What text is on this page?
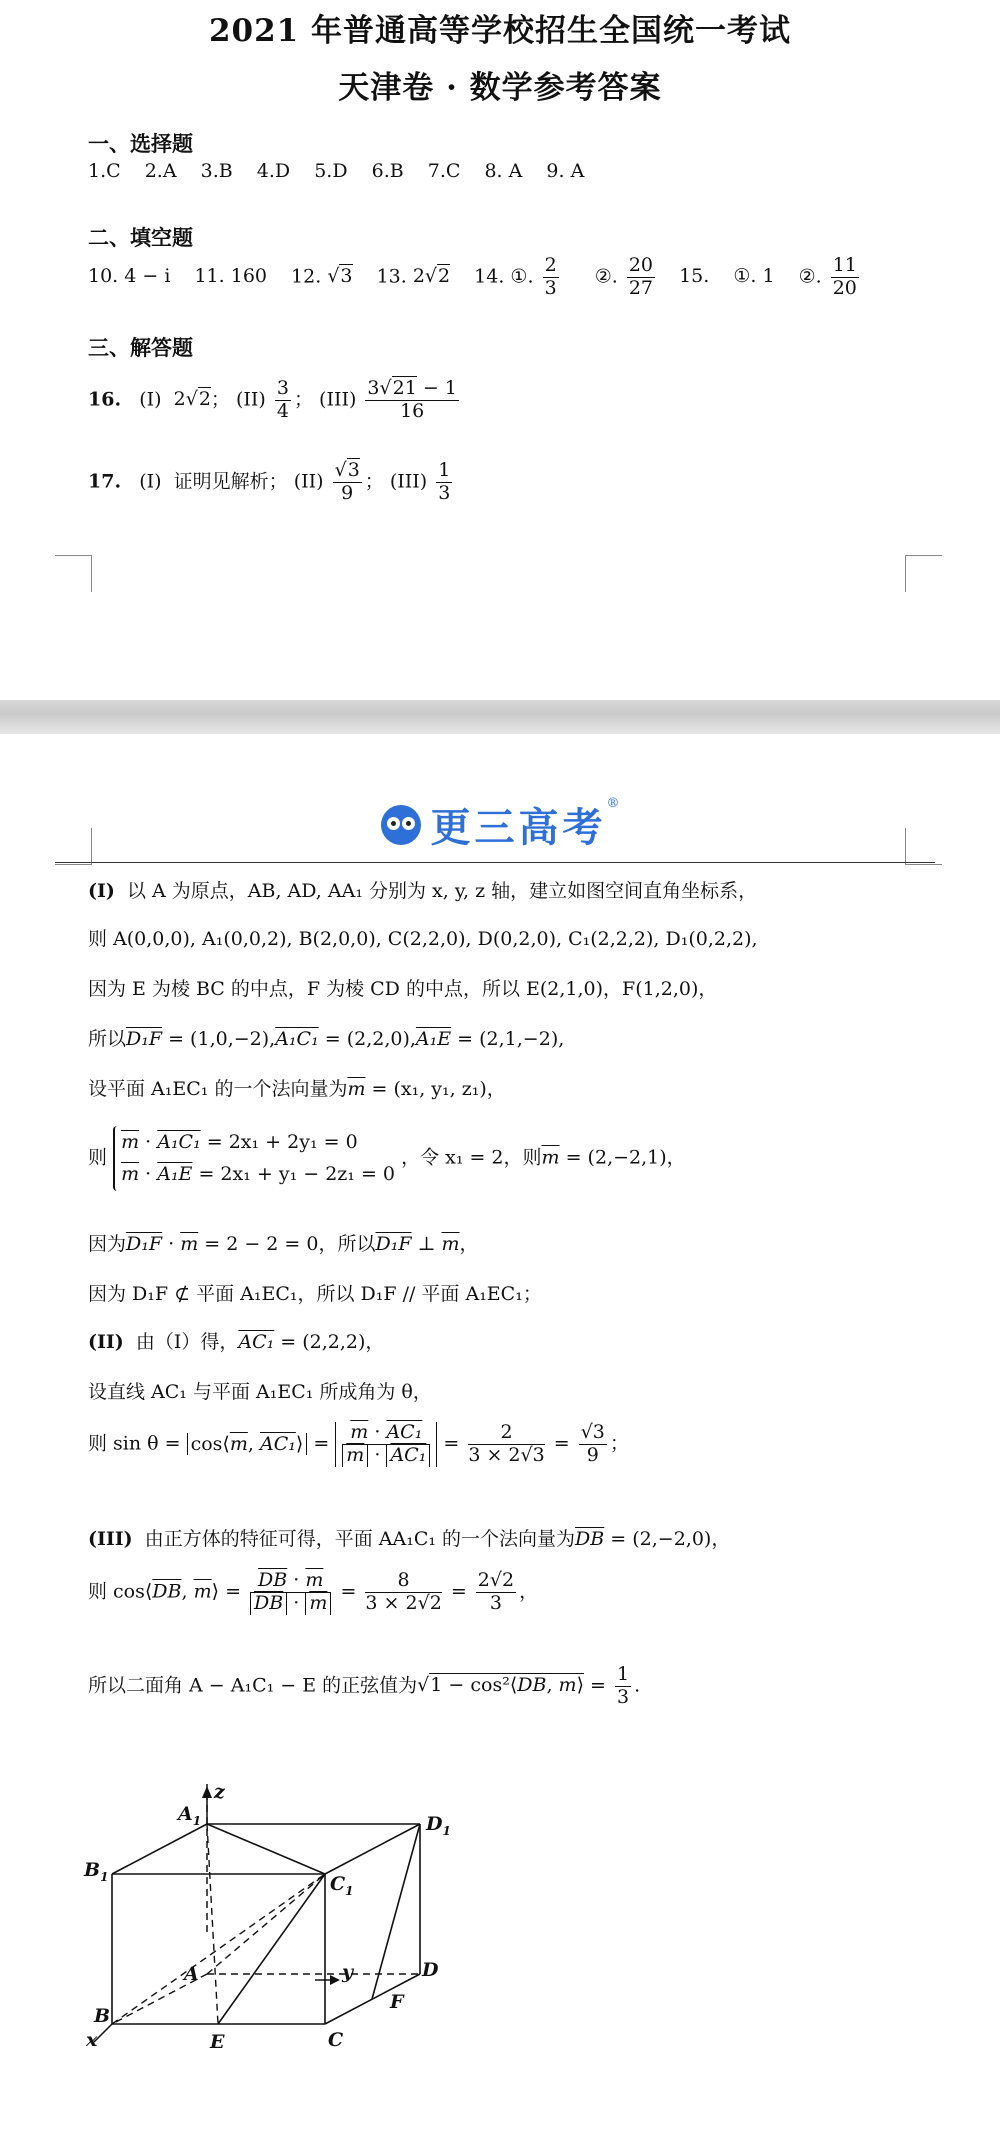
2021 年普通高等学校招生全国统一考试
天津卷 · 数学参考答案
一、选择题
1.C 2.A 3.B 4.D 5.D 6.B 7.C 8. A 9. A
二、填空题
10. 4 − i 11. 160 12. √3 13. 2√2 14. ①. $\frac{2}{3}$ ②. $\frac{20}{27} 15$. ①. 1 ②. $\frac{11}{20}$
三、解答题
16. (I) 2√2； $(II) \frac{3}{4}$ ； $(III) \frac{3√21 - 1}{16}$
17. (I) 证明见解析； $(II) \frac{√3}{9}$ ； $(III) \frac{1}{3}$
更三高考®
(I) 以 A 为原点，AB, AD, AA₁ 分别为 x, y, z 轴，建立如图空间直角坐标系，
则 A(0,0,0), A₁(0,0,2), B(2,0,0), C(2,2,0), D(0,2,0), C₁(2,2,2), D₁(0,2,2),
因为 E 为棱 BC 的中点，F 为棱 CD 的中点，所以 E(2,1,0)，F(1,2,0)，
所以D₁F = (1,0,−2),A₁C₁ = (2,2,0),A₁E = (2,1,−2),
设平面 A₁EC₁ 的一个法向量为$\overline{m} = (x_1$, y₁, z₁)，
则
$\overline{m} \cdot A_1C_1 = 2x_1 + 2y_1 = 0$
$\overline{m} \cdot A_1E = 2x_1 + y_1 - 2z_1 = 0$
，令 x₁ = 2，则$\overline{m} = (2,-2,1)$，
因为$D_1F \cdot \overline{m} = 2 - 2 = 0$，所以D₁F ⊥ $\overline{m}$，
因为 D₁F ⊄ 平面 A₁EC₁，所以 D₁F // 平面 A₁EC₁；
(II) 由（I）得，AC₁ = (2,2,2)，
设直线 AC₁ 与平面 A₁EC₁ 所成角为 θ，
则 $\sin \theta = \cos⟨\overline{m}$, AC₁⟩ = $\frac{\overline{m} \cdot AC_1}{\overline{m} \cdot AC_1} = \frac{2}{3 \times 2√3} = \frac{√3}{9}$ ；
(III) 由正方体的特征可得，平面 AA₁C₁ 的一个法向量为$\overline{DB} = (2,-2,0)$，
则 $\cos⟨\overline{DB}$, $\overline{m}⟩ = \frac{\overline{DB} \cdot \overline{m}}{\overline{DB} \cdot \overline{m}} = \frac{8}{3 \times 2√2} = \frac{2√2}{3}$ ，
所以二面角 A − A₁C₁ − E 的正弦值为$√1 - \cos^2⟨\overline{DB}$, $\overline{m}⟩ = \frac{1}{3}$ .
z
y
x
$A_1$	$D_1$
$B_1$	$C_1$
A	D
B
E	C
F
